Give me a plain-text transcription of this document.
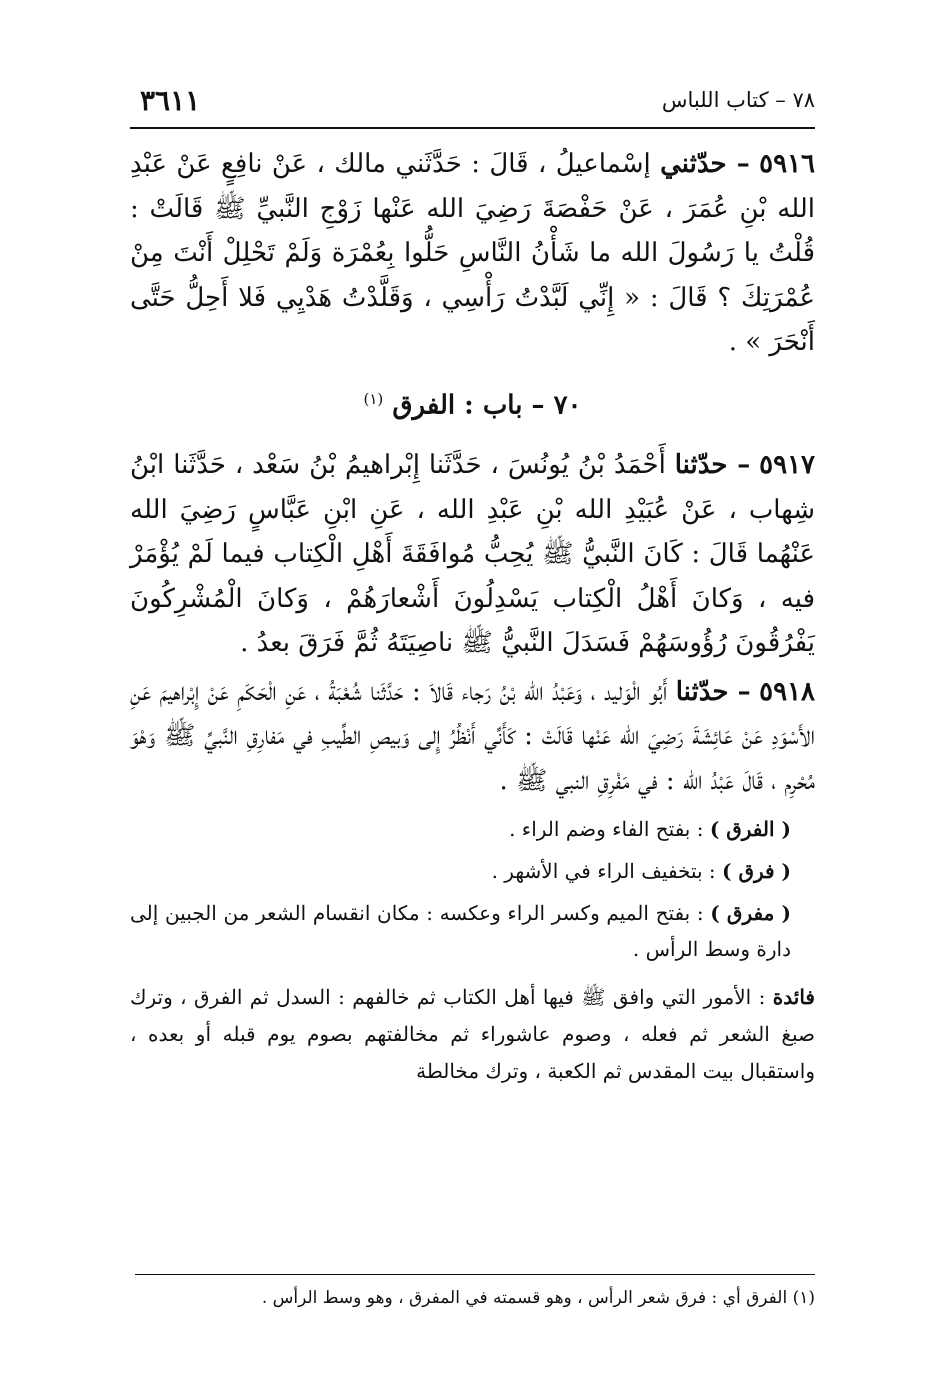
٣٦١١	٧٨ – كتاب اللباس

٥٩١٦ – حدّثني إسْماعيلُ ، قَالَ : حَدَّثَني مالك ، عَنْ نافِعٍ عَنْ عَبْدِ الله بْنِ عُمَرَ ، عَنْ حَفْصَةَ رَضِيَ الله عَنْها زَوْجِ النَّبيِّ ﷺ قَالَتْ : قُلْتُ يا رَسُولَ الله ما شَأْنُ النَّاسِ حَلُّوا بِعُمْرَة وَلَمْ تَحْلِلْ أَنْتَ مِنْ عُمْرَتِكَ ؟ قَالَ : « إِنِّي لَبَّدْتُ رَأْسِي ، وَقَلَّدْتُ هَدْيِي فَلا أَحِلُّ حَتَّى أَنْحَرَ » .

٧٠ – باب : الفرق $^{(١)}$

٥٩١٧ – حدّثنا أَحْمَدُ بْنُ يُونُسَ ، حَدَّثَنا إِبْراهيمُ بْنُ سَعْد ، حَدَّثَنا ابْنُ شِهاب ، عَنْ عُبَيْدِ الله بْنِ عَبْدِ الله ، عَنِ ابْنِ عَبَّاسٍ رَضِيَ الله عَنْهُما قَالَ : كَانَ النَّبيُّ ﷺ يُحِبُّ مُوافَقَةَ أَهْلِ الْكِتاب فيما لَمْ يُؤْمَرْ فيه ، وَكانَ أَهْلُ الْكِتاب يَسْدِلُونَ أَشْعارَهُمْ ، وَكانَ الْمُشْرِكُونَ يَفْرُقُونَ رُؤُوسَهُمْ فَسَدَلَ النَّبيُّ ﷺ ناصِيَتَهُ ثُمَّ فَرَقَ بعدُ .

٥٩١٨ – حدّثنا أَبُو الْوَليد ، وَعَبْدُ الله بْنُ رَجاء قَالاَ : حَدَّثَنا شُعْبَةُ ، عَنِ الْحَكَمِ عَنْ إِبْراهيمَ عَنِ الأَسْوَدِ عَنْ عَائِشَةَ رَضِيَ الله عَنْها قَالَتْ : كَأَنِّي أَنْظُرُ إِلى وَبيصِ الطِّيبِ في مَفارِقِ النَّبيِّ ﷺ وَهْوَ مُحْرِم ، قَالَ عَبْدُ الله : في مَفْرِقِ النبي ﷺ .

( الفرق ) : بفتح الفاء وضم الراء .

( فرق ) : بتخفيف الراء في الأشهر .

( مفرق ) : بفتح الميم وكسر الراء وعكسه : مكان انقسام الشعر من الجبين إلى دارة وسط الرأس .

فائدة : الأمور التي وافق ﷺ فيها أهل الكتاب ثم خالفهم : السدل ثم الفرق ، وترك صبغ الشعر ثم فعله ، وصوم عاشوراء ثم مخالفتهم بصوم يوم قبله أو بعده ، واستقبال بيت المقدس ثم الكعبة ، وترك مخالطة

(١) الفرق أي : فرق شعر الرأس ، وهو قسمته في المفرق ، وهو وسط الرأس .
